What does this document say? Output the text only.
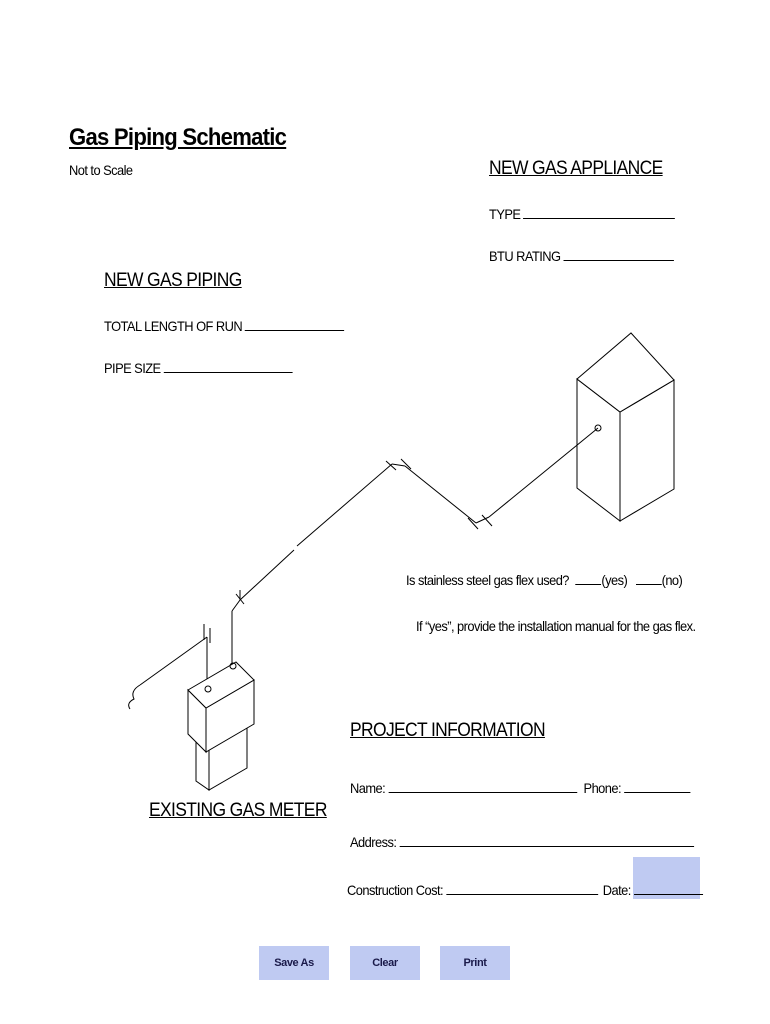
Gas Piping Schematic
Not to Scale	NEW GAS APPLIANCE
TYPE
BTU RATING
NEW GAS PIPING
TOTAL LENGTH OF RUN
PIPE SIZE
Is stainless steel gas flex used? (yes) (no)
If “yes”, provide the installation manual for the gas flex.
EXISTING GAS METER
PROJECT INFORMATION
Name:	Phone:
Address:
Construction Cost:	Date:
Save As	Clear	Print
